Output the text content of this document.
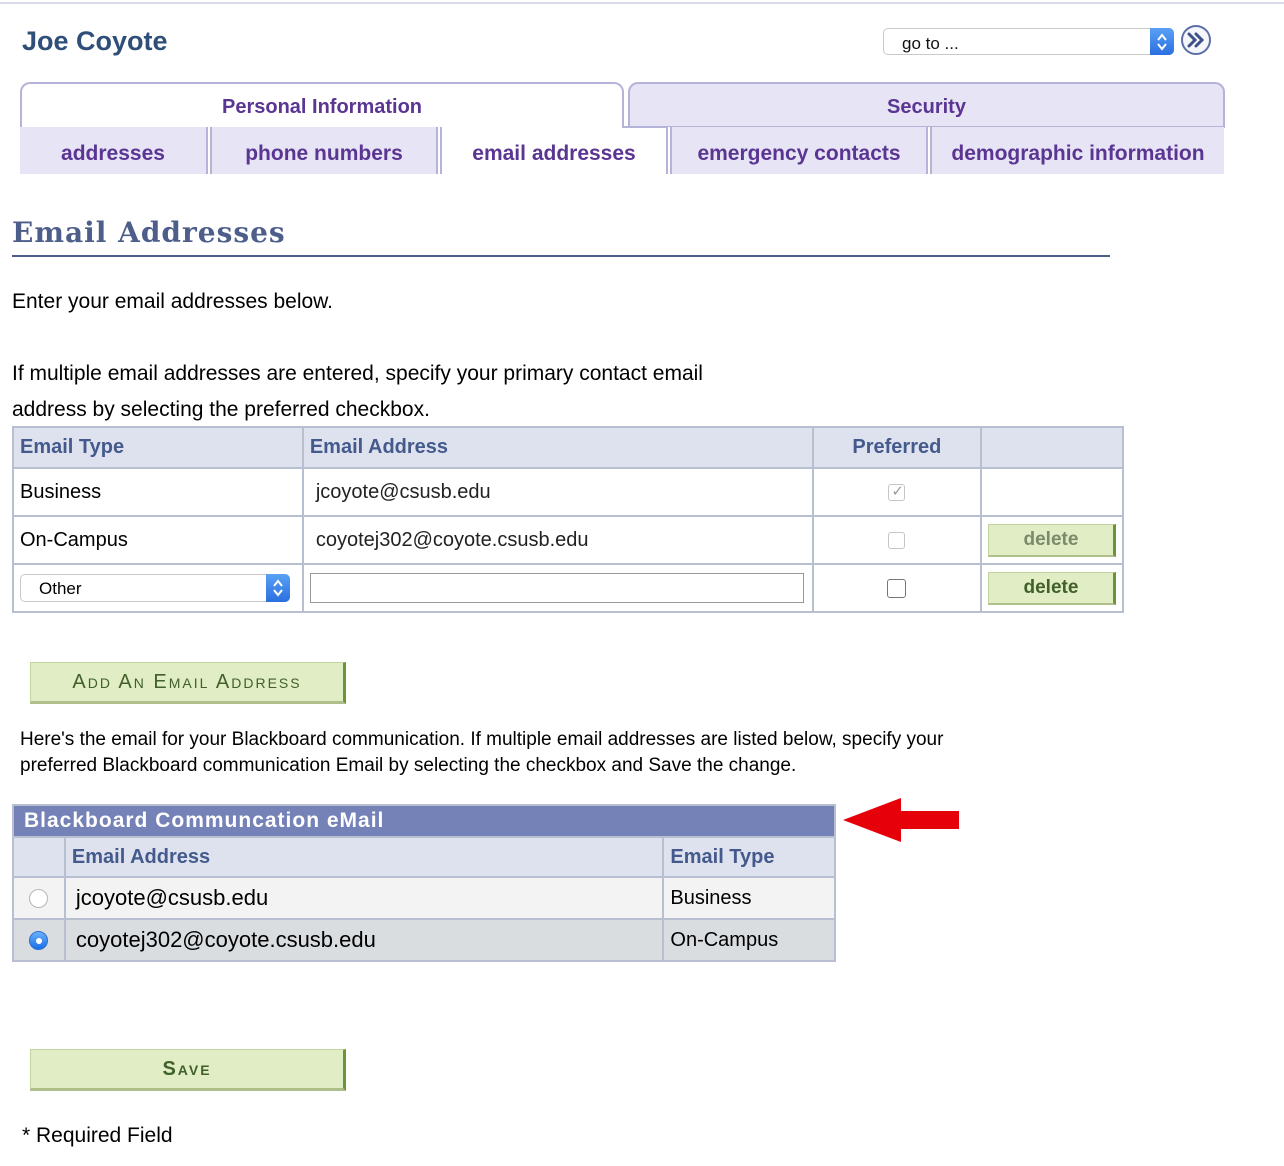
Joe Coyote	go to ...
Personal Information	Security
addresses	phone numbers	email addresses	emergency contacts	demographic information
Email Addresses
Enter your email addresses below.
If multiple email addresses are entered, specify your primary contact email
address by selecting the preferred checkbox.
Email Type	Email Address	Preferred	
Business	jcoyote@csusb.edu	✓	
On-Campus	coyotej302@coyote.csusb.edu		delete

Other			delete
Add An Email Address
Here's the email for your Blackboard communication. If multiple email addresses are listed below, specify your
preferred Blackboard communication Email by selecting the checkbox and Save the change.
Blackboard Communcation eMail		
	Email Address	Email Type
	jcoyote@csusb.edu	Business
	coyotej302@coyote.csusb.edu	On-Campus
Save
* Required Field
